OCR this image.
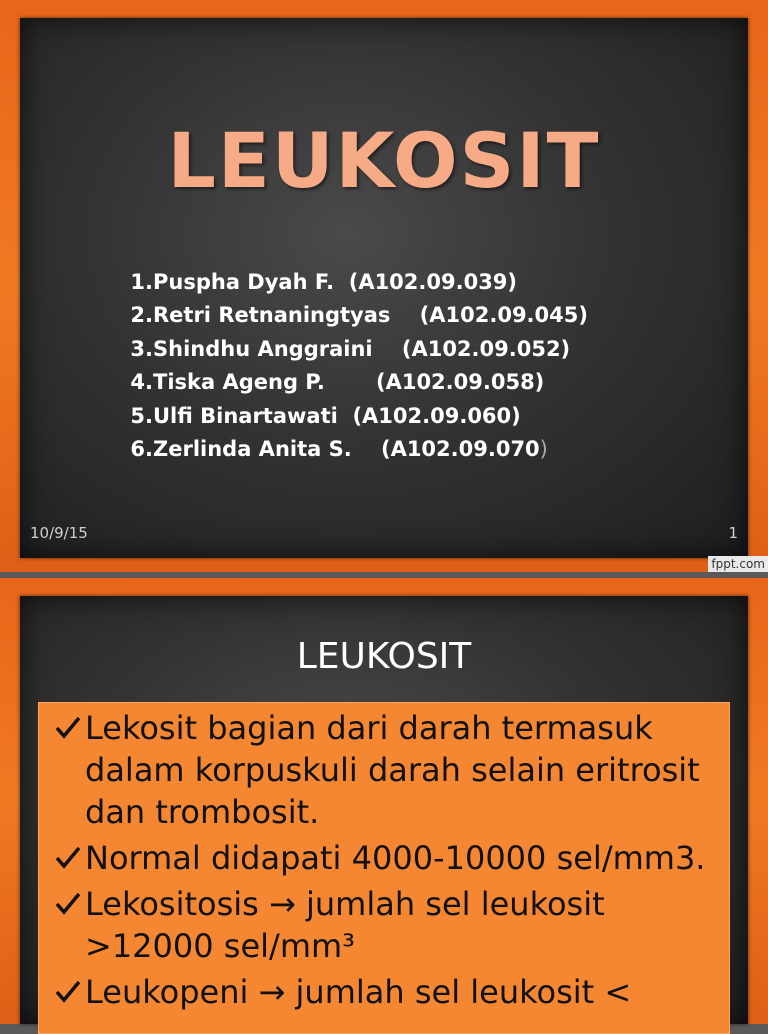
LEUKOSIT
1. Puspha Dyah F. (A102.09.039)
2. Retri Retnaningtyas (A102.09.045)
3. Shindhu Anggraini (A102.09.052)
4. Tiska Ageng P. (A102.09.058)
5. Ulfi Binartawati (A102.09.060)
6. Zerlinda Anita S. (A102.09.070 )
10/9/15	1
fppt.com
LEUKOSIT
Lekosit bagian dari darah termasuk dalam korpuskuli darah selain eritrosit dan trombosit.
Normal didapati 4000-10000 sel/mm3.
Lekositosis → jumlah sel leukosit >12000 sel/mm³
Leukopeni → jumlah sel leukosit <
